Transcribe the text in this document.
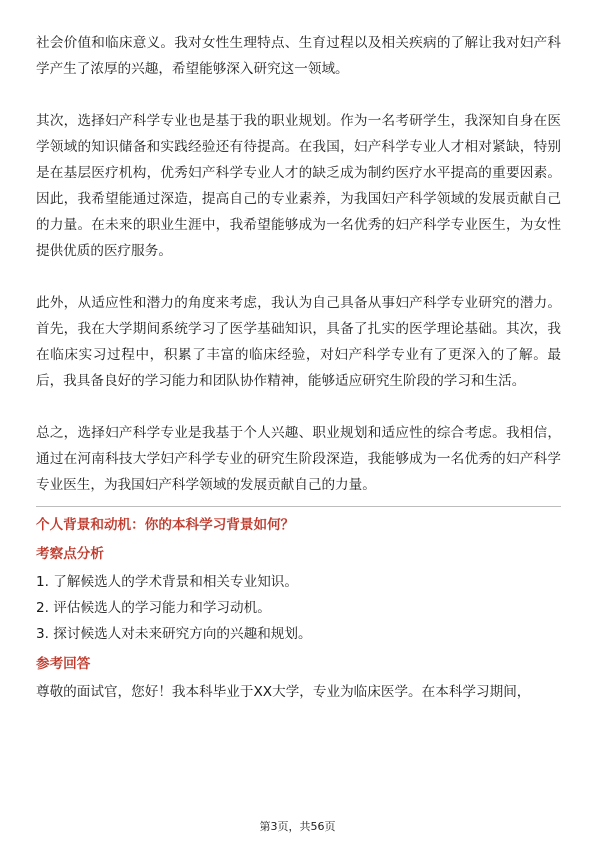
社会价值和临床意义。我对女性生理特点、生育过程以及相关疾病的了解让我对妇产科学产生了浓厚的兴趣，希望能够深入研究这一领域。

其次，选择妇产科学专业也是基于我的职业规划。作为一名考研学生，我深知自身在医学领域的知识储备和实践经验还有待提高。在我国，妇产科学专业人才相对紧缺，特别是在基层医疗机构，优秀妇产科学专业人才的缺乏成为制约医疗水平提高的重要因素。因此，我希望能通过深造，提高自己的专业素养，为我国妇产科学领域的发展贡献自己的力量。在未来的职业生涯中，我希望能够成为一名优秀的妇产科学专业医生，为女性提供优质的医疗服务。

此外，从适应性和潜力的角度来考虑，我认为自己具备从事妇产科学专业研究的潜力。首先，我在大学期间系统学习了医学基础知识，具备了扎实的医学理论基础。其次，我在临床实习过程中，积累了丰富的临床经验，对妇产科学专业有了更深入的了解。最后，我具备良好的学习能力和团队协作精神，能够适应研究生阶段的学习和生活。

总之，选择妇产科学专业是我基于个人兴趣、职业规划和适应性的综合考虑。我相信，通过在河南科技大学妇产科学专业的研究生阶段深造，我能够成为一名优秀的妇产科学专业医生，为我国妇产科学领域的发展贡献自己的力量。

个人背景和动机：你的本科学习背景如何？
考察点分析

1. 了解候选人的学术背景和相关专业知识。

2. 评估候选人的学习能力和学习动机。

3. 探讨候选人对未来研究方向的兴趣和规划。

参考回答

尊敬的面试官，您好！我本科毕业于XX大学，专业为临床医学。在本科学习期间，

第3页，共56页
